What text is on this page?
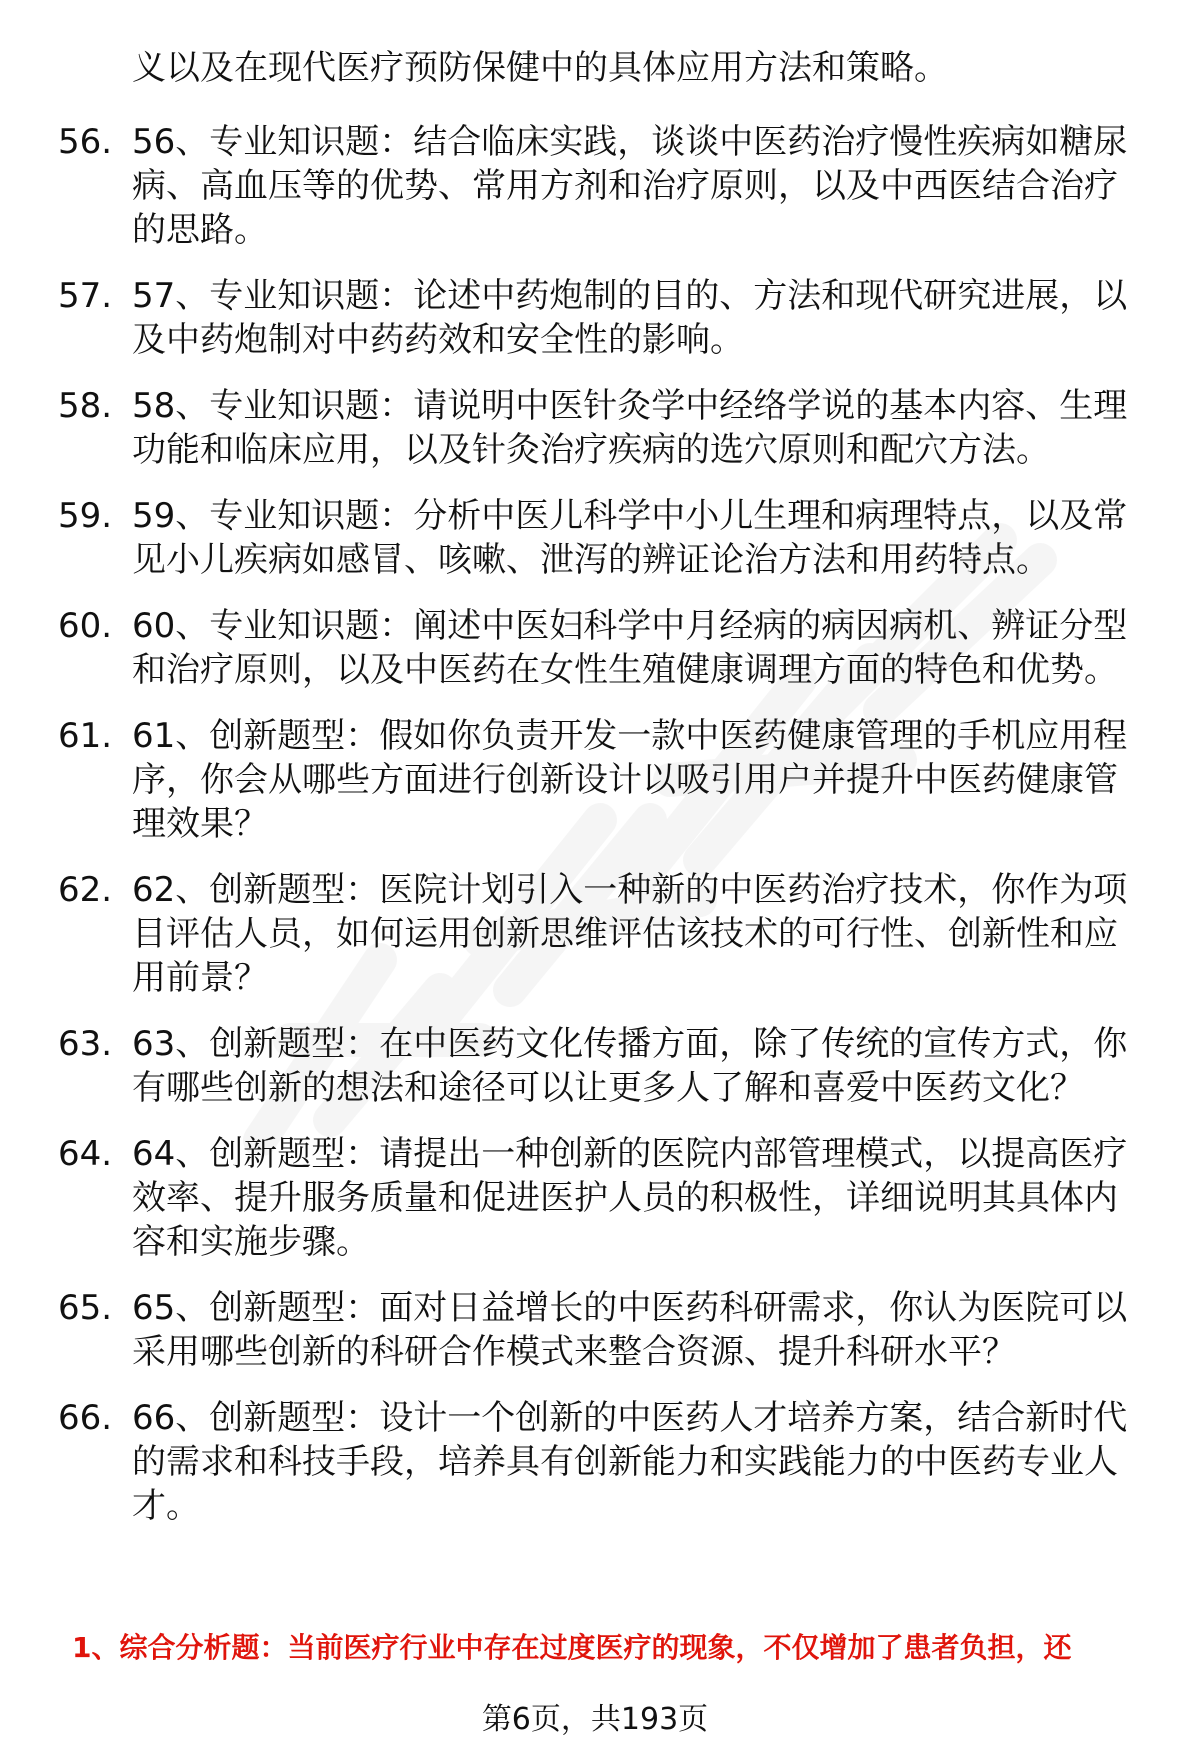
义以及在现代医疗预防保健中的具体应用方法和策略。

56. 56、专业知识题：结合临床实践，谈谈中医药治疗慢性疾病如糖尿病、高血压等的优势、常用方剂和治疗原则，以及中西医结合治疗的思路。
57. 57、专业知识题：论述中药炮制的目的、方法和现代研究进展，以及中药炮制对中药药效和安全性的影响。
58. 58、专业知识题：请说明中医针灸学中经络学说的基本内容、生理功能和临床应用，以及针灸治疗疾病的选穴原则和配穴方法。
59. 59、专业知识题：分析中医儿科学中小儿生理和病理特点，以及常见小儿疾病如感冒、咳嗽、泄泻的辨证论治方法和用药特点。
60. 60、专业知识题：阐述中医妇科学中月经病的病因病机、辨证分型和治疗原则，以及中医药在女性生殖健康调理方面的特色和优势。
61. 61、创新题型：假如你负责开发一款中医药健康管理的手机应用程序，你会从哪些方面进行创新设计以吸引用户并提升中医药健康管理效果？
62. 62、创新题型：医院计划引入一种新的中医药治疗技术，你作为项目评估人员，如何运用创新思维评估该技术的可行性、创新性和应用前景？
63. 63、创新题型：在中医药文化传播方面，除了传统的宣传方式，你有哪些创新的想法和途径可以让更多人了解和喜爱中医药文化？
64. 64、创新题型：请提出一种创新的医院内部管理模式，以提高医疗效率、提升服务质量和促进医护人员的积极性，详细说明其具体内容和实施步骤。
65. 65、创新题型：面对日益增长的中医药科研需求，你认为医院可以采用哪些创新的科研合作模式来整合资源、提升科研水平？
66. 66、创新题型：设计一个创新的中医药人才培养方案，结合新时代的需求和科技手段，培养具有创新能力和实践能力的中医药专业人才。
1、综合分析题：当前医疗行业中存在过度医疗的现象，不仅增加了患者负担，还
第6页，共193页
